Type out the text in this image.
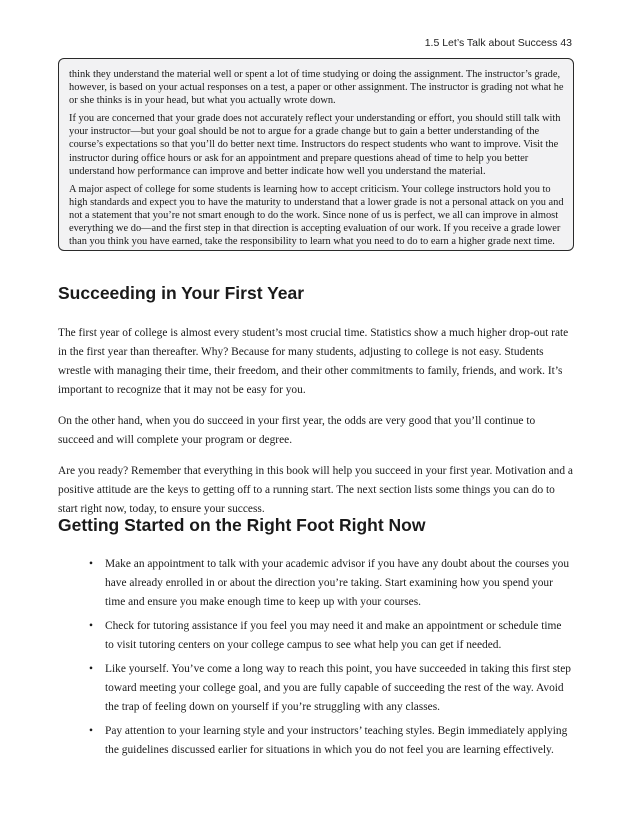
1.5 Let’s Talk about Success 43

think they understand the material well or spent a lot of time studying or doing the assignment. The instructor’s grade, however, is based on your actual responses on a test, a paper or other assignment. The instructor is grading not what he or she thinks is in your head, but what you actually wrote down.

If you are concerned that your grade does not accurately reflect your understanding or effort, you should still talk with your instructor—but your goal should be not to argue for a grade change but to gain a better understanding of the course’s expectations so that you’ll do better next time. Instructors do respect students who want to improve. Visit the instructor during office hours or ask for an appointment and prepare questions ahead of time to help you better understand how performance can improve and better indicate how well you understand the material.

A major aspect of college for some students is learning how to accept criticism. Your college instructors hold you to high standards and expect you to have the maturity to understand that a lower grade is not a personal attack on you and not a statement that you’re not smart enough to do the work. Since none of us is perfect, we all can improve in almost everything we do—and the first step in that direction is accepting evaluation of our work. If you receive a grade lower than you think you have earned, take the responsibility to learn what you need to do to earn a higher grade next time.

Succeeding in Your First Year

The first year of college is almost every student’s most crucial time. Statistics show a much higher drop-out rate in the first year than thereafter. Why? Because for many students, adjusting to college is not easy. Students wrestle with managing their time, their freedom, and their other commitments to family, friends, and work. It’s important to recognize that it may not be easy for you.

On the other hand, when you do succeed in your first year, the odds are very good that you’ll continue to succeed and will complete your program or degree.

Are you ready? Remember that everything in this book will help you succeed in your first year. Motivation and a positive attitude are the keys to getting off to a running start. The next section lists some things you can do to start right now, today, to ensure your success.

Getting Started on the Right Foot Right Now
• Make an appointment to talk with your academic advisor if you have any doubt about the courses you have already enrolled in or about the direction you’re taking. Start examining how you spend your time and ensure you make enough time to keep up with your courses.
• Check for tutoring assistance if you feel you may need it and make an appointment or schedule time to visit tutoring centers on your college campus to see what help you can get if needed.
• Like yourself. You’ve come a long way to reach this point, you have succeeded in taking this first step toward meeting your college goal, and you are fully capable of succeeding the rest of the way. Avoid the trap of feeling down on yourself if you’re struggling with any classes.
• Pay attention to your learning style and your instructors’ teaching styles. Begin immediately applying the guidelines discussed earlier for situations in which you do not feel you are learning effectively.
